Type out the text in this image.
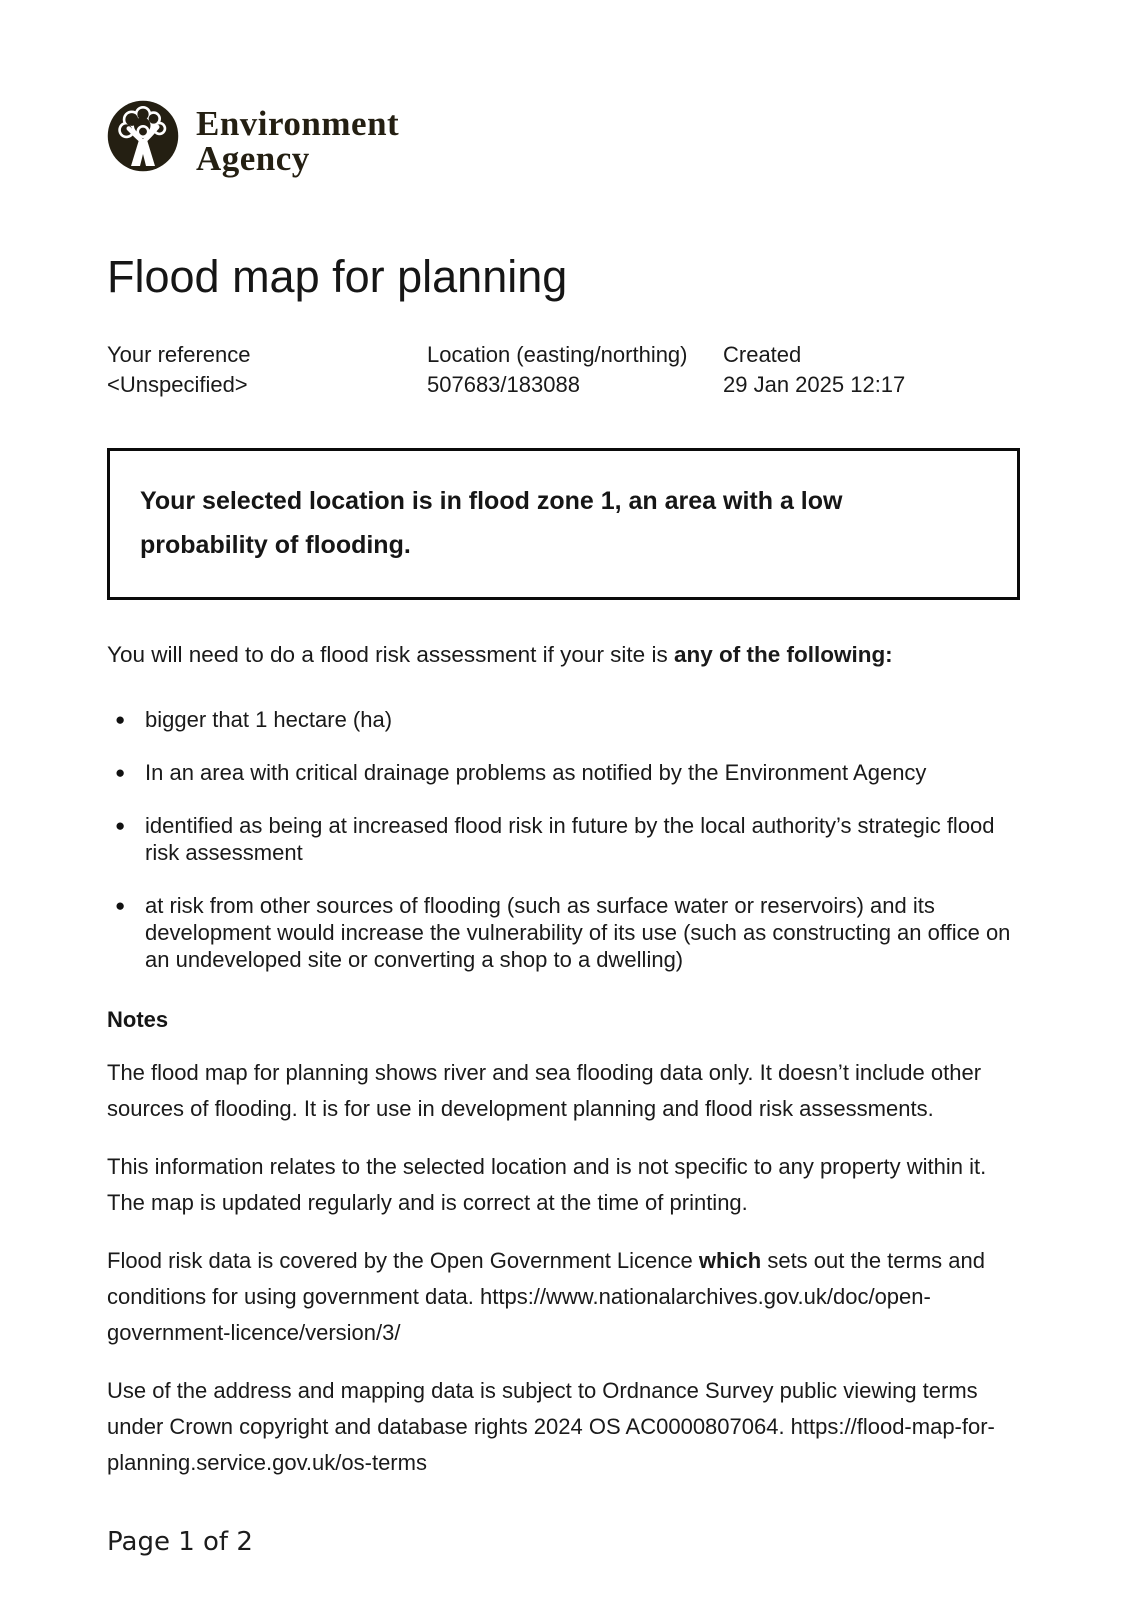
Environment
Agency
Flood map for planning
Your reference
<Unspecified>
Location (easting/northing)
507683/183088
Created
29 Jan 2025 12:17

Your selected location is in flood zone 1, an area with a low probability of flooding.

You will need to do a flood risk assessment if your site is any of the following:

● bigger that 1 hectare (ha)
● In an area with critical drainage problems as notified by the Environment Agency
● identified as being at increased flood risk in future by the local authority’s strategic flood risk assessment
● at risk from other sources of flooding (such as surface water or reservoirs) and its development would increase the vulnerability of its use (such as constructing an office on an undeveloped site or converting a shop to a dwelling)
Notes

The flood map for planning shows river and sea flooding data only. It doesn’t include other sources of flooding. It is for use in development planning and flood risk assessments.

This information relates to the selected location and is not specific to any property within it. The map is updated regularly and is correct at the time of printing.

Flood risk data is covered by the Open Government Licence which sets out the terms and conditions for using government data. https://www.nationalarchives.gov.uk/doc/open-government-licence/version/3/

Use of the address and mapping data is subject to Ordnance Survey public viewing terms under Crown copyright and database rights 2024 OS AC0000807064. https://flood-map-for-planning.service.gov.uk/os-terms

Page 1 of 2
